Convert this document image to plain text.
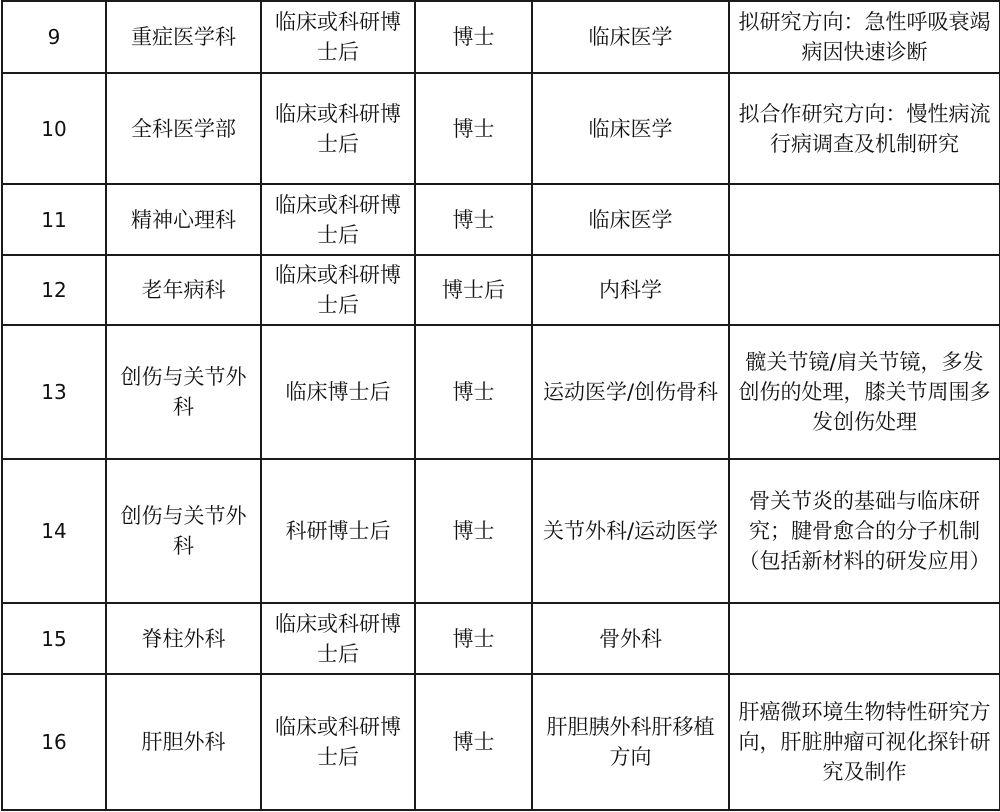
9	重症医学科	临床或科研博士后	博士	临床医学	拟研究方向：急性呼吸衰竭病因快速诊断
10	全科医学部	临床或科研博士后	博士	临床医学	拟合作研究方向：慢性病流行病调查及机制研究
11	精神心理科	临床或科研博士后	博士	临床医学	
12	老年病科	临床或科研博士后	博士后	内科学	
13	创伤与关节外科	临床博士后	博士	运动医学/创伤骨科	髋关节镜/肩关节镜，多发创伤的处理，膝关节周围多发创伤处理
14	创伤与关节外科	科研博士后	博士	关节外科/运动医学	骨关节炎的基础与临床研究；腱骨愈合的分子机制（包括新材料的研发应用）
15	脊柱外科	临床或科研博士后	博士	骨外科	
16	肝胆外科	临床或科研博士后	博士	肝胆胰外科肝移植方向	肝癌微环境生物特性研究方向，肝脏肿瘤可视化探针研究及制作
